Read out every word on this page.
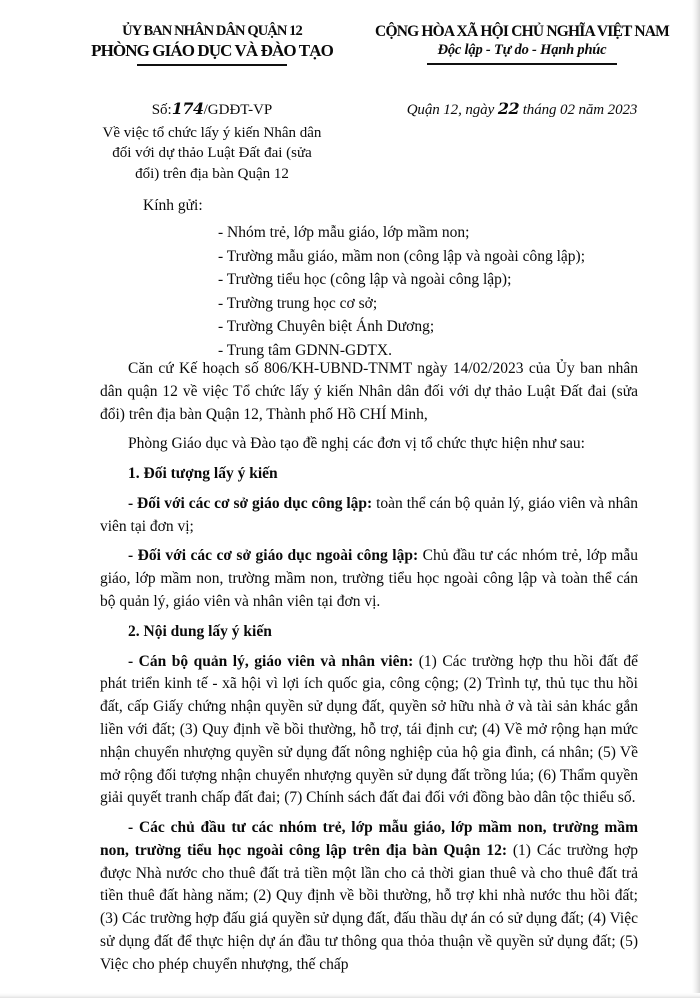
ỦY BAN NHÂN DÂN QUẬN 12
PHÒNG GIÁO DỤC VÀ ĐÀO TẠO
CỘNG HÒA XÃ HỘI CHỦ NGHĨA VIỆT NAM
Độc lập - Tự do - Hạnh phúc
Số:174/GDĐT-VP
Về việc tổ chức lấy ý kiến Nhân dân
đối với dự thảo Luật Đất đai (sửa
đổi) trên địa bàn Quận 12
Quận 12, ngày 22 tháng 02 năm 2023
Kính gửi:
- Nhóm trẻ, lớp mẫu giáo, lớp mầm non;
- Trường mẫu giáo, mầm non (công lập và ngoài công lập);
- Trường tiểu học (công lập và ngoài công lập);
- Trường trung học cơ sở;
- Trường Chuyên biệt Ánh Dương;
- Trung tâm GDNN-GDTX.

Căn cứ Kế hoạch số 806/KH-UBND-TNMT ngày 14/02/2023 của Ủy ban nhân dân quận 12 về việc Tổ chức lấy ý kiến Nhân dân đối với dự thảo Luật Đất đai (sửa đổi) trên địa bàn Quận 12, Thành phố Hồ CHÍ Minh,

Phòng Giáo dục và Đào tạo đề nghị các đơn vị tổ chức thực hiện như sau:

1. Đối tượng lấy ý kiến

- Đối với các cơ sở giáo dục công lập: toàn thể cán bộ quản lý, giáo viên và nhân viên tại đơn vị;

- Đối với các cơ sở giáo dục ngoài công lập: Chủ đầu tư các nhóm trẻ, lớp mẫu giáo, lớp mầm non, trường mầm non, trường tiểu học ngoài công lập và toàn thể cán bộ quản lý, giáo viên và nhân viên tại đơn vị.

2. Nội dung lấy ý kiến

- Cán bộ quản lý, giáo viên và nhân viên: (1) Các trường hợp thu hồi đất để phát triển kinh tế - xã hội vì lợi ích quốc gia, công cộng; (2) Trình tự, thủ tục thu hồi đất, cấp Giấy chứng nhận quyền sử dụng đất, quyền sở hữu nhà ở và tài sản khác gắn liền với đất; (3) Quy định về bồi thường, hỗ trợ, tái định cư; (4) Về mở rộng hạn mức nhận chuyển nhượng quyền sử dụng đất nông nghiệp của hộ gia đình, cá nhân; (5) Về mở rộng đối tượng nhận chuyển nhượng quyền sử dụng đất trồng lúa; (6) Thẩm quyền giải quyết tranh chấp đất đai; (7) Chính sách đất đai đối với đồng bào dân tộc thiểu số.

- Các chủ đầu tư các nhóm trẻ, lớp mẫu giáo, lớp mầm non, trường mầm non, trường tiểu học ngoài công lập trên địa bàn Quận 12: (1) Các trường hợp được Nhà nước cho thuê đất trả tiền một lần cho cả thời gian thuê và cho thuê đất trả tiền thuê đất hàng năm; (2) Quy định về bồi thường, hỗ trợ khi nhà nước thu hồi đất; (3) Các trường hợp đấu giá quyền sử dụng đất, đấu thầu dự án có sử dụng đất; (4) Việc sử dụng đất để thực hiện dự án đầu tư thông qua thỏa thuận về quyền sử dụng đất; (5) Việc cho phép chuyển nhượng, thế chấp
